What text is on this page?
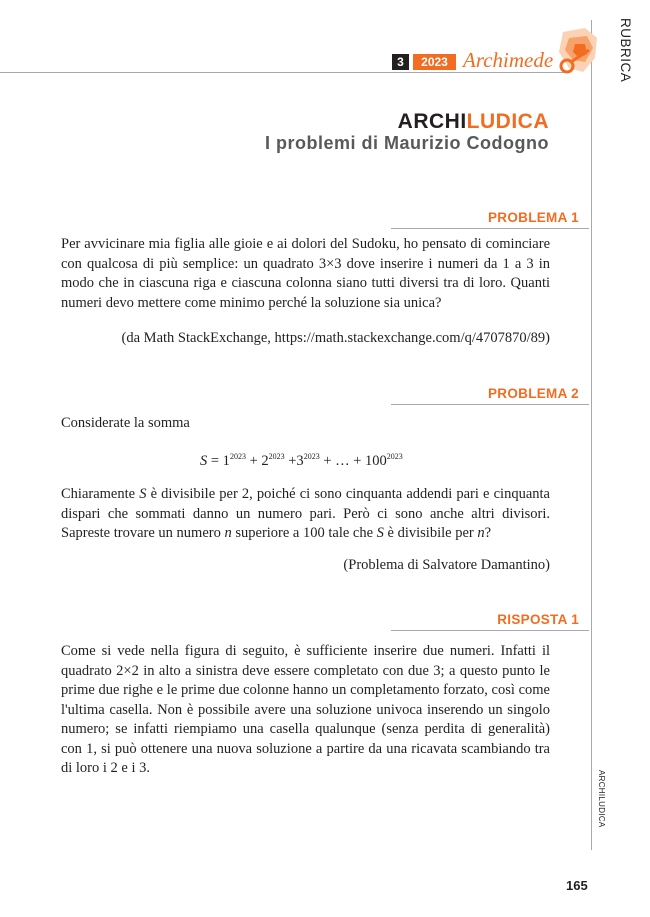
3	2023 Archimede	RUBRICA
ARCHILUDICA
I problemi di Maurizio Codogno
PROBLEMA 1
Per avvicinare mia figlia alle gioie e ai dolori del Sudoku, ho pensato di cominciare con qualcosa di più semplice: un quadrato 3×3 dove inserire i numeri da 1 a 3 in modo che in ciascuna riga e ciascuna colonna siano tutti diversi tra di loro. Quanti numeri devo mettere come minimo perché la soluzione sia unica?
(da Math StackExchange, https://math.stackexchange.com/q/4707870/89)
PROBLEMA 2
Considerate la somma
$S = 1^{2023} + 2^{2023} +3^{2023}$ + … + $100^{2023}$
Chiaramente S è divisibile per 2, poiché ci sono cinquanta addendi pari e cinquanta dispari che sommati danno un numero pari. Però ci sono anche altri divisori. Sapreste trovare un numero n superiore a 100 tale che S è divisibile per n?
(Problema di Salvatore Damantino)
RISPOSTA 1
Come si vede nella figura di seguito, è sufficiente inserire due numeri. Infatti il quadrato 2×2 in alto a sinistra deve essere completato con due 3; a questo punto le prime due righe e le prime due colonne hanno un completamento forzato, così come l'ultima casella. Non è possibile avere una soluzione univoca inserendo un singolo numero; se infatti riempiamo una casella qualunque (senza perdita di generalità) con 1, si può ottenere una nuova soluzione a partire da una ricavata scambiando tra di loro i 2 e i 3.
ARCHILUDICA
165
